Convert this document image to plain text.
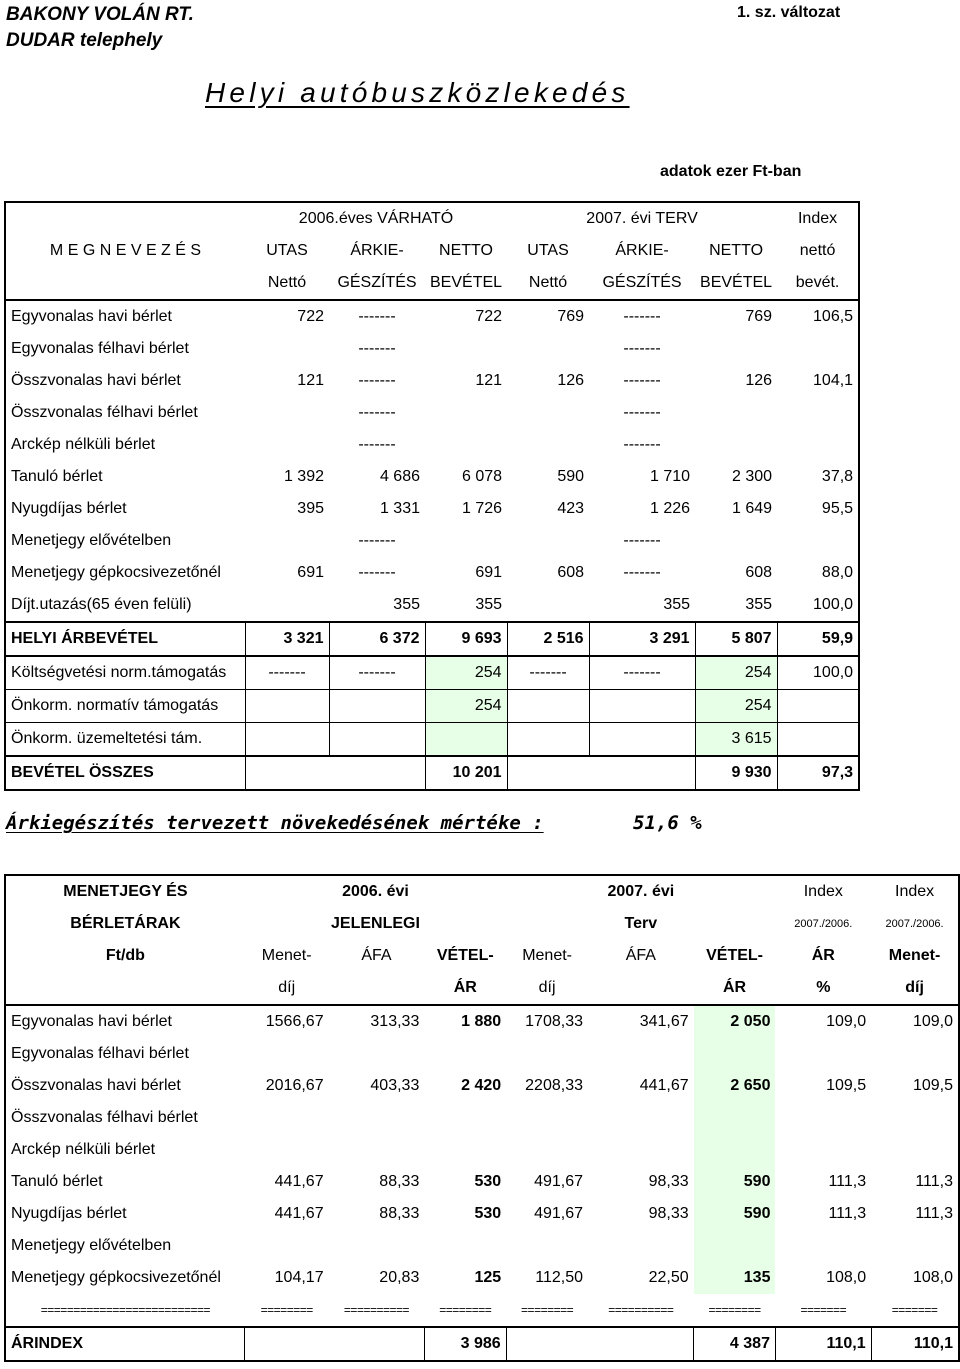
BAKONY VOLÁN RT.
DUDAR telephely
1. sz. változat
Helyi autóbuszközlekedés
adatok ezer Ft-ban
	2006.éves VÁRHATÓ			2007. évi TERV			Index
M E G N E V E Z É S	UTAS	ÁRKIE-	NETTO	UTAS	ÁRKIE-	NETTO	nettó
	Nettó	GÉSZÍTÉS	BEVÉTEL	Nettó	GÉSZÍTÉS	BEVÉTEL	bevét.
Egyvonalas havi bérlet	722	-------	722	769	-------	769	106,5
Egyvonalas félhavi bérlet		-------			-------		
Összvonalas havi bérlet	121	-------	121	126	-------	126	104,1
Összvonalas félhavi bérlet		-------			-------		
Arckép nélküli bérlet		-------			-------		
Tanuló bérlet	1 392	4 686	6 078	590	1 710	2 300	37,8
Nyugdíjas bérlet	395	1 331	1 726	423	1 226	1 649	95,5
Menetjegy elővételben		-------			-------		
Menetjegy gépkocsivezetőnél	691	-------	691	608	-------	608	88,0
Díjt.utazás(65 éven felüli)		355	355		355	355	100,0
HELYI ÁRBEVÉTEL	3 321	6 372	9 693	2 516	3 291	5 807	59,9
Költségvetési norm.támogatás	-------	-------	254	-------	-------	254	100,0
Önkorm. normatív támogatás			254			254	
Önkorm. üzemeltetési tám.						3 615	
BEVÉTEL ÖSSZES			10 201			9 930	97,3
Árkiegészítés tervezett növekedésének mértéke :	51,6 %
MENETJEGY ÉS	2006. évi			2007. évi			Index	Index
BÉRLETÁRAK	JELENLEGI			Terv			2007./2006.	2007./2006.
Ft/db	Menet-	ÁFA	VÉTEL-	Menet-	ÁFA	VÉTEL-	ÁR	Menet-
	díj		ÁR	díj		ÁR	%	díj
Egyvonalas havi bérlet	1566,67	313,33	1 880	1708,33	341,67	2 050	109,0	109,0
Egyvonalas félhavi bérlet								
Összvonalas havi bérlet	2016,67	403,33	2 420	2208,33	441,67	2 650	109,5	109,5
Összvonalas félhavi bérlet								
Arckép nélküli bérlet								
Tanuló bérlet	441,67	88,33	530	491,67	98,33	590	111,3	111,3
Nyugdíjas bérlet	441,67	88,33	530	491,67	98,33	590	111,3	111,3
Menetjegy elővételben								
Menetjegy gépkocsivezetőnél	104,17	20,83	125	112,50	22,50	135	108,0	108,0
==========================	========	==========	========	========	==========	========	=======	=======
ÁRINDEX			3 986			4 387	110,1	110,1
